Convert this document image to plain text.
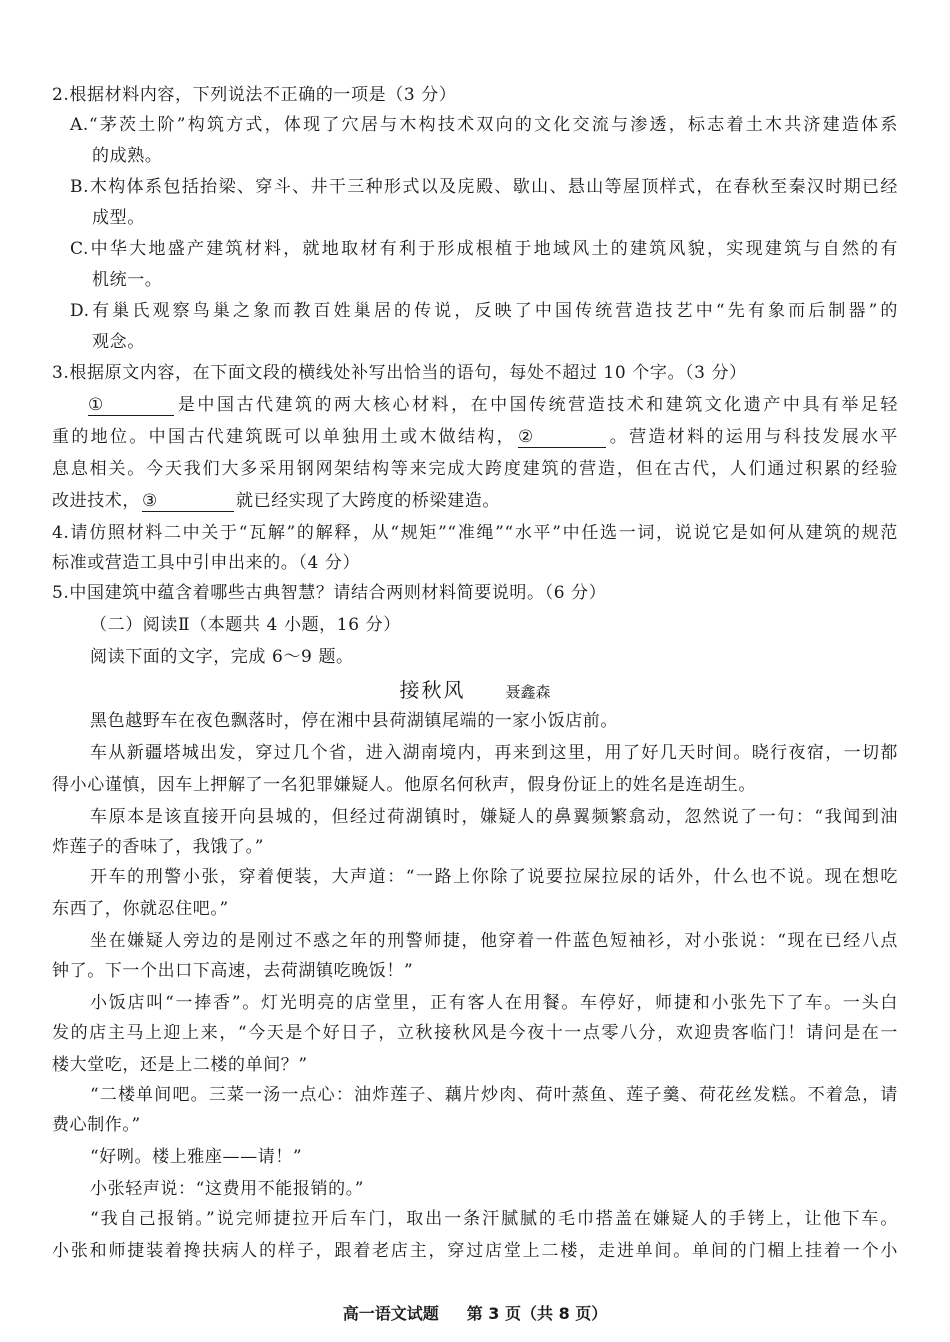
2.根据材料内容，下列说法不正确的一项是（3 分）
A.“茅茨土阶”构筑方式，体现了穴居与木构技术双向的文化交流与渗透，标志着土木共济建造体系
的成熟。
B.木构体系包括抬梁、穿斗、井干三种形式以及庑殿、歇山、悬山等屋顶样式，在春秋至秦汉时期已经
成型。
C.中华大地盛产建筑材料，就地取材有利于形成根植于地域风土的建筑风貌，实现建筑与自然的有
机统一。
D.有巢氏观察鸟巢之象而教百姓巢居的传说，反映了中国传统营造技艺中“先有象而后制器”的
观念。
3.根据原文内容，在下面文段的横线处补写出恰当的语句，每处不超过 10 个字。（3 分）
①	是中国古代建筑的两大核心材料，在中国传统营造技术和建筑文化遗产中具有举足轻
重的地位。中国古代建筑既可以单独用土或木做结构， ②	。营造材料的运用与科技发展水平
息息相关。今天我们大多采用钢网架结构等来完成大跨度建筑的营造，但在古代，人们通过积累的经验
改进技术， ③	就已经实现了大跨度的桥梁建造。
4.请仿照材料二中关于“瓦解”的解释，从“规矩”“准绳”“水平”中任选一词，说说它是如何从建筑的规范
标准或营造工具中引申出来的。（4 分）
5.中国建筑中蕴含着哪些古典智慧？请结合两则材料简要说明。（6 分）
（二）阅读Ⅱ（本题共 4 小题，16 分）
阅读下面的文字，完成 6～9 题。
接秋风	聂鑫森
黑色越野车在夜色飘落时，停在湘中县荷湖镇尾端的一家小饭店前。
车从新疆塔城出发，穿过几个省，进入湖南境内，再来到这里，用了好几天时间。晓行夜宿，一切都
得小心谨慎，因车上押解了一名犯罪嫌疑人。他原名何秋声，假身份证上的姓名是连胡生。
车原本是该直接开向县城的，但经过荷湖镇时，嫌疑人的鼻翼频繁翕动，忽然说了一句：“我闻到油
炸莲子的香味了，我饿了。”
开车的刑警小张，穿着便装，大声道：“一路上你除了说要拉屎拉尿的话外，什么也不说。现在想吃
东西了，你就忍住吧。”
坐在嫌疑人旁边的是刚过不惑之年的刑警师捷，他穿着一件蓝色短袖衫，对小张说：“现在已经八点
钟了。下一个出口下高速，去荷湖镇吃晚饭！”
小饭店叫“一捧香”。灯光明亮的店堂里，正有客人在用餐。车停好，师捷和小张先下了车。一头白
发的店主马上迎上来，“今天是个好日子，立秋接秋风是今夜十一点零八分，欢迎贵客临门！请问是在一
楼大堂吃，还是上二楼的单间？”
“二楼单间吧。三菜一汤一点心：油炸莲子、藕片炒肉、荷叶蒸鱼、莲子羹、荷花丝发糕。不着急，请
费心制作。”
“好咧。楼上雅座——请！”
小张轻声说：“这费用不能报销的。”
“我自己报销。”说完师捷拉开后车门，取出一条汗腻腻的毛巾搭盖在嫌疑人的手铐上，让他下车。
小张和师捷装着搀扶病人的样子，跟着老店主，穿过店堂上二楼，走进单间。单间的门楣上挂着一个小
高一语文试题 第 3 页（共 8 页）
